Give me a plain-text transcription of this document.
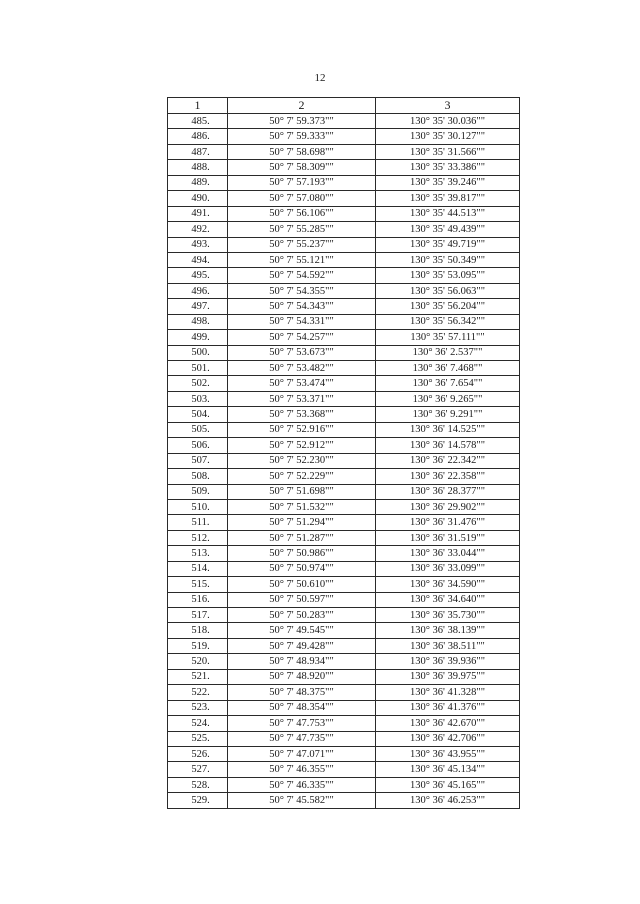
12
1	2	3
485.	50° 7' 59.373""	130° 35' 30.036""
486.	50° 7' 59.333""	130° 35' 30.127""
487.	50° 7' 58.698""	130° 35' 31.566""
488.	50° 7' 58.309""	130° 35' 33.386""
489.	50° 7' 57.193""	130° 35' 39.246""
490.	50° 7' 57.080""	130° 35' 39.817""
491.	50° 7' 56.106""	130° 35' 44.513""
492.	50° 7' 55.285""	130° 35' 49.439""
493.	50° 7' 55.237""	130° 35' 49.719""
494.	50° 7' 55.121""	130° 35' 50.349""
495.	50° 7' 54.592""	130° 35' 53.095""
496.	50° 7' 54.355""	130° 35' 56.063""
497.	50° 7' 54.343""	130° 35' 56.204""
498.	50° 7' 54.331""	130° 35' 56.342""
499.	50° 7' 54.257""	130° 35' 57.111""
500.	50° 7' 53.673""	130° 36' 2.537""
501.	50° 7' 53.482""	130° 36' 7.468""
502.	50° 7' 53.474""	130° 36' 7.654""
503.	50° 7' 53.371""	130° 36' 9.265""
504.	50° 7' 53.368""	130° 36' 9.291""
505.	50° 7' 52.916""	130° 36' 14.525""
506.	50° 7' 52.912""	130° 36' 14.578""
507.	50° 7' 52.230""	130° 36' 22.342""
508.	50° 7' 52.229""	130° 36' 22.358""
509.	50° 7' 51.698""	130° 36' 28.377""
510.	50° 7' 51.532""	130° 36' 29.902""
511.	50° 7' 51.294""	130° 36' 31.476""
512.	50° 7' 51.287""	130° 36' 31.519""
513.	50° 7' 50.986""	130° 36' 33.044""
514.	50° 7' 50.974""	130° 36' 33.099""
515.	50° 7' 50.610""	130° 36' 34.590""
516.	50° 7' 50.597""	130° 36' 34.640""
517.	50° 7' 50.283""	130° 36' 35.730""
518.	50° 7' 49.545""	130° 36' 38.139""
519.	50° 7' 49.428""	130° 36' 38.511""
520.	50° 7' 48.934""	130° 36' 39.936""
521.	50° 7' 48.920""	130° 36' 39.975""
522.	50° 7' 48.375""	130° 36' 41.328""
523.	50° 7' 48.354""	130° 36' 41.376""
524.	50° 7' 47.753""	130° 36' 42.670""
525.	50° 7' 47.735""	130° 36' 42.706""
526.	50° 7' 47.071""	130° 36' 43.955""
527.	50° 7' 46.355""	130° 36' 45.134""
528.	50° 7' 46.335""	130° 36' 45.165""
529.	50° 7' 45.582""	130° 36' 46.253""
